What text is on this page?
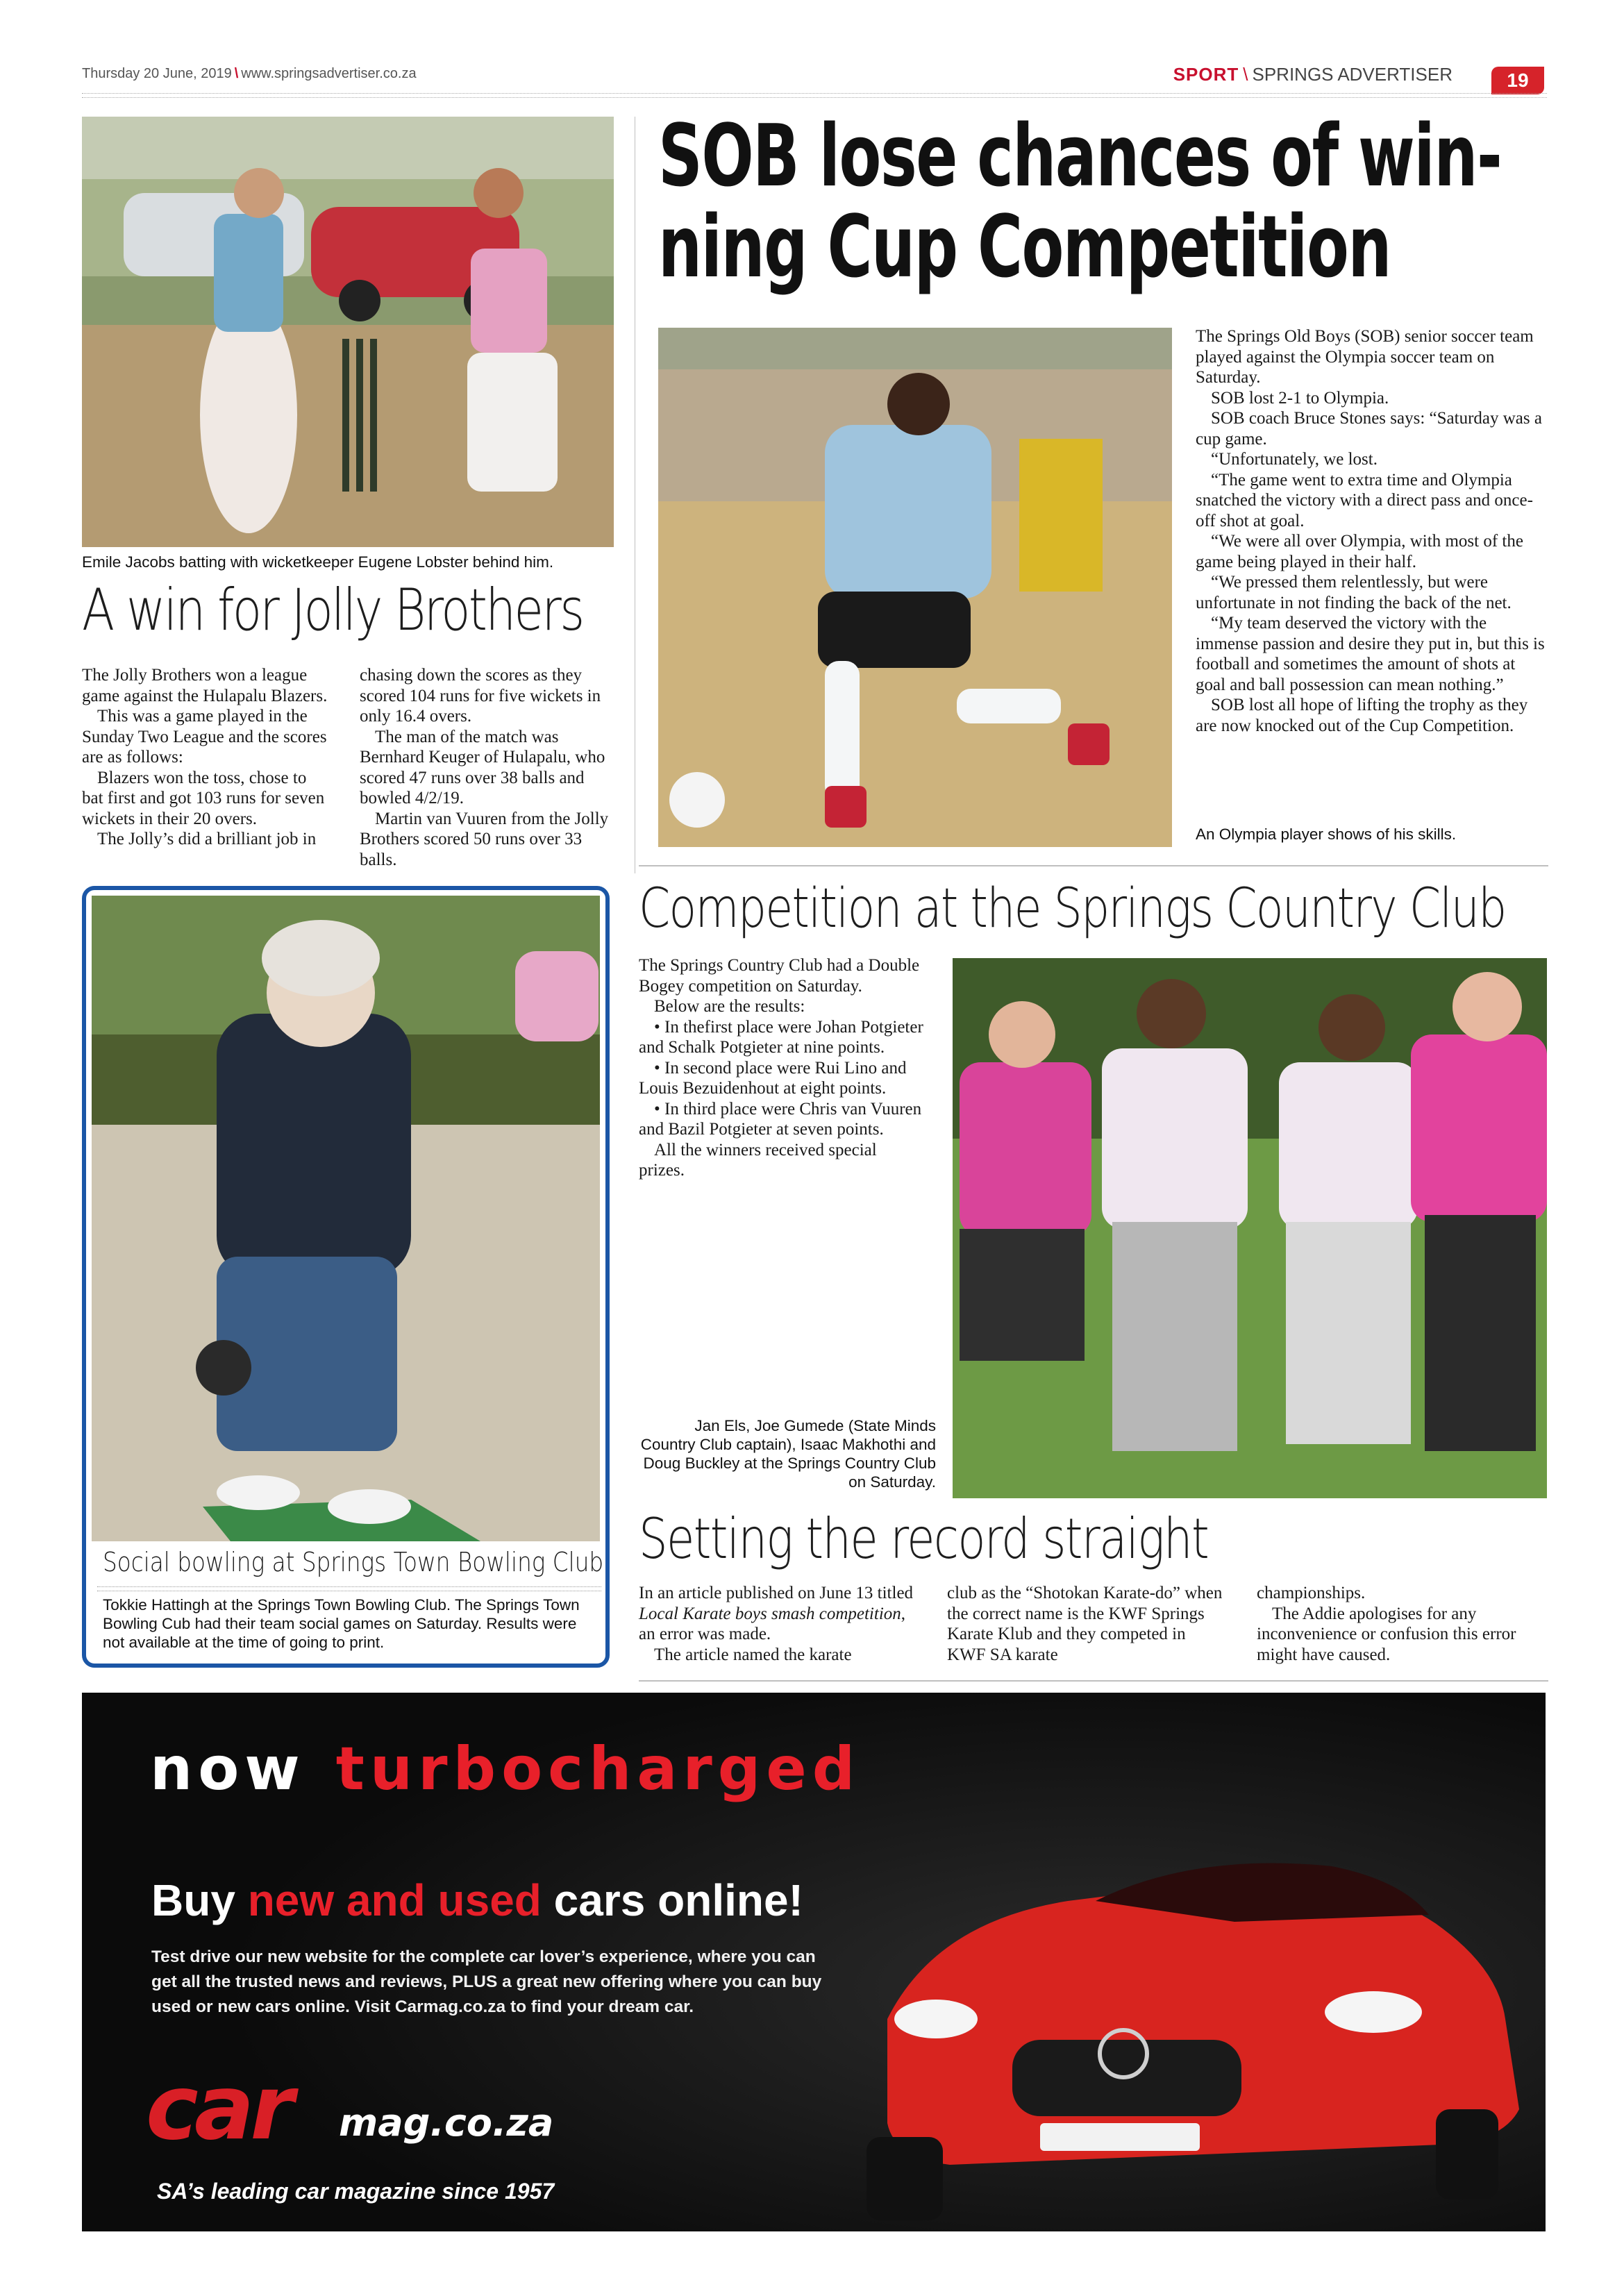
Thursday 20 June, 2019 \ www.springsadvertiser.co.za	SPORT \ SPRINGS ADVERTISER	19
Emile Jacobs batting with wicketkeeper Eugene Lobster behind him.
A win for Jolly Brothers

The Jolly Brothers won a league game against the Hulapalu Blazers.

This was a game played in the Sunday Two League and the scores are as follows:

Blazers won the toss, chose to bat first and got 103 runs for seven wickets in their 20 overs.

The Jolly’s did a brilliant job in

chasing down the scores as they scored 104 runs for five wickets in only 16.4 overs.

The man of the match was Bernhard Keuger of Hulapalu, who scored 47 runs over 38 balls and bowled 4/2/19.

Martin van Vuuren from the Jolly Brothers scored 50 runs over 33 balls.

SOB lose chances of win-
ning Cup Competition

The Springs Old Boys (SOB) senior soccer team played against the Olympia soccer team on Saturday.

SOB lost 2-1 to Olympia.

SOB coach Bruce Stones says: “Saturday was a cup game.

“Unfortunately, we lost.

“The game went to extra time and Olympia snatched the victory with a direct pass and once-off shot at goal.

“We were all over Olympia, with most of the game being played in their half.

“We pressed them relentlessly, but were unfortunate in not finding the back of the net.

“My team deserved the victory with the immense passion and desire they put in, but this is football and sometimes the amount of shots at goal and ball possession can mean nothing.”

SOB lost all hope of lifting the trophy as they are now knocked out of the Cup Competition.

An Olympia player shows of his skills.
Social bowling at Springs Town Bowling Club
Tokkie Hattingh at the Springs Town Bowling Club. The Springs Town Bowling Cub had their team social games on Saturday. Results were not available at the time of going to print.
Competition at the Springs Country Club

The Springs Country Club had a Double Bogey competition on Saturday.

Below are the results:

• In thefirst place were Johan Potgieter and Schalk Potgieter at nine points.

• In second place were Rui Lino and Louis Bezuidenhout at eight points.

• In third place were Chris van Vuuren and Bazil Potgieter at seven points.

All the winners received special prizes.

Jan Els, Joe Gumede (State Minds Country Club captain), Isaac Makhothi and Doug Buckley at the Springs Country Club on Saturday.
Setting the record straight

In an article published on June 13 titled Local Karate boys smash competition, an error was made.

The article named the karate

club as the “Shotokan Karate-do” when the correct name is the KWF Springs Karate Klub and they competed in KWF SA karate

championships.

The Addie apologises for any inconvenience or confusion this error might have caused.

now turbocharged
Buy new and used cars online!
Test drive our new website for the complete car lover’s experience, where you can get all the trusted news and reviews, PLUS a great new offering where you can buy used or new cars online. Visit Carmag.co.za to find your dream car.
car mag.co.za
SA’s leading car magazine since 1957
